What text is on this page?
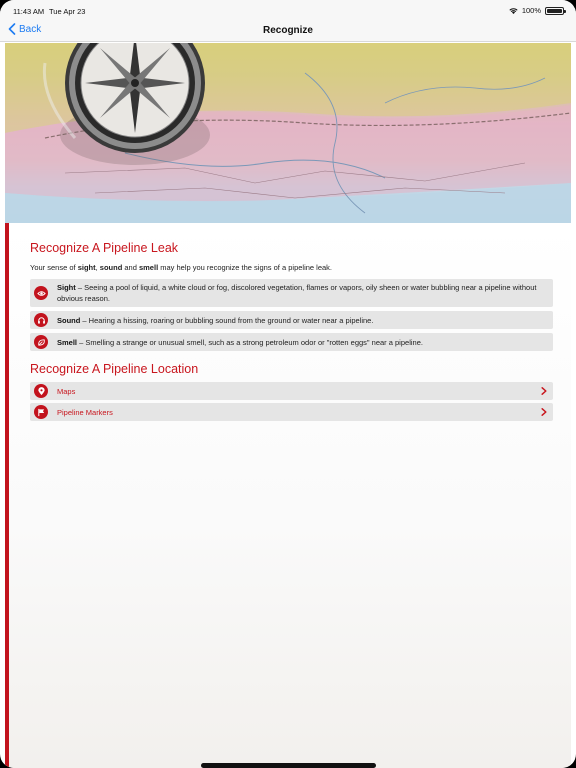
11:43 AM Tue Apr 23	100%
Back	Recognize
Recognize A Pipeline Leak
Your sense of sight, sound and smell may help you recognize the signs of a pipeline leak.
Sight – Seeing a pool of liquid, a white cloud or fog, discolored vegetation, flames or vapors, oily sheen or water bubbling near a pipeline without obvious reason.
Sound – Hearing a hissing, roaring or bubbling sound from the ground or water near a pipeline.
Smell – Smelling a strange or unusual smell, such as a strong petroleum odor or "rotten eggs" near a pipeline.
Recognize A Pipeline Location
Maps
Pipeline Markers
